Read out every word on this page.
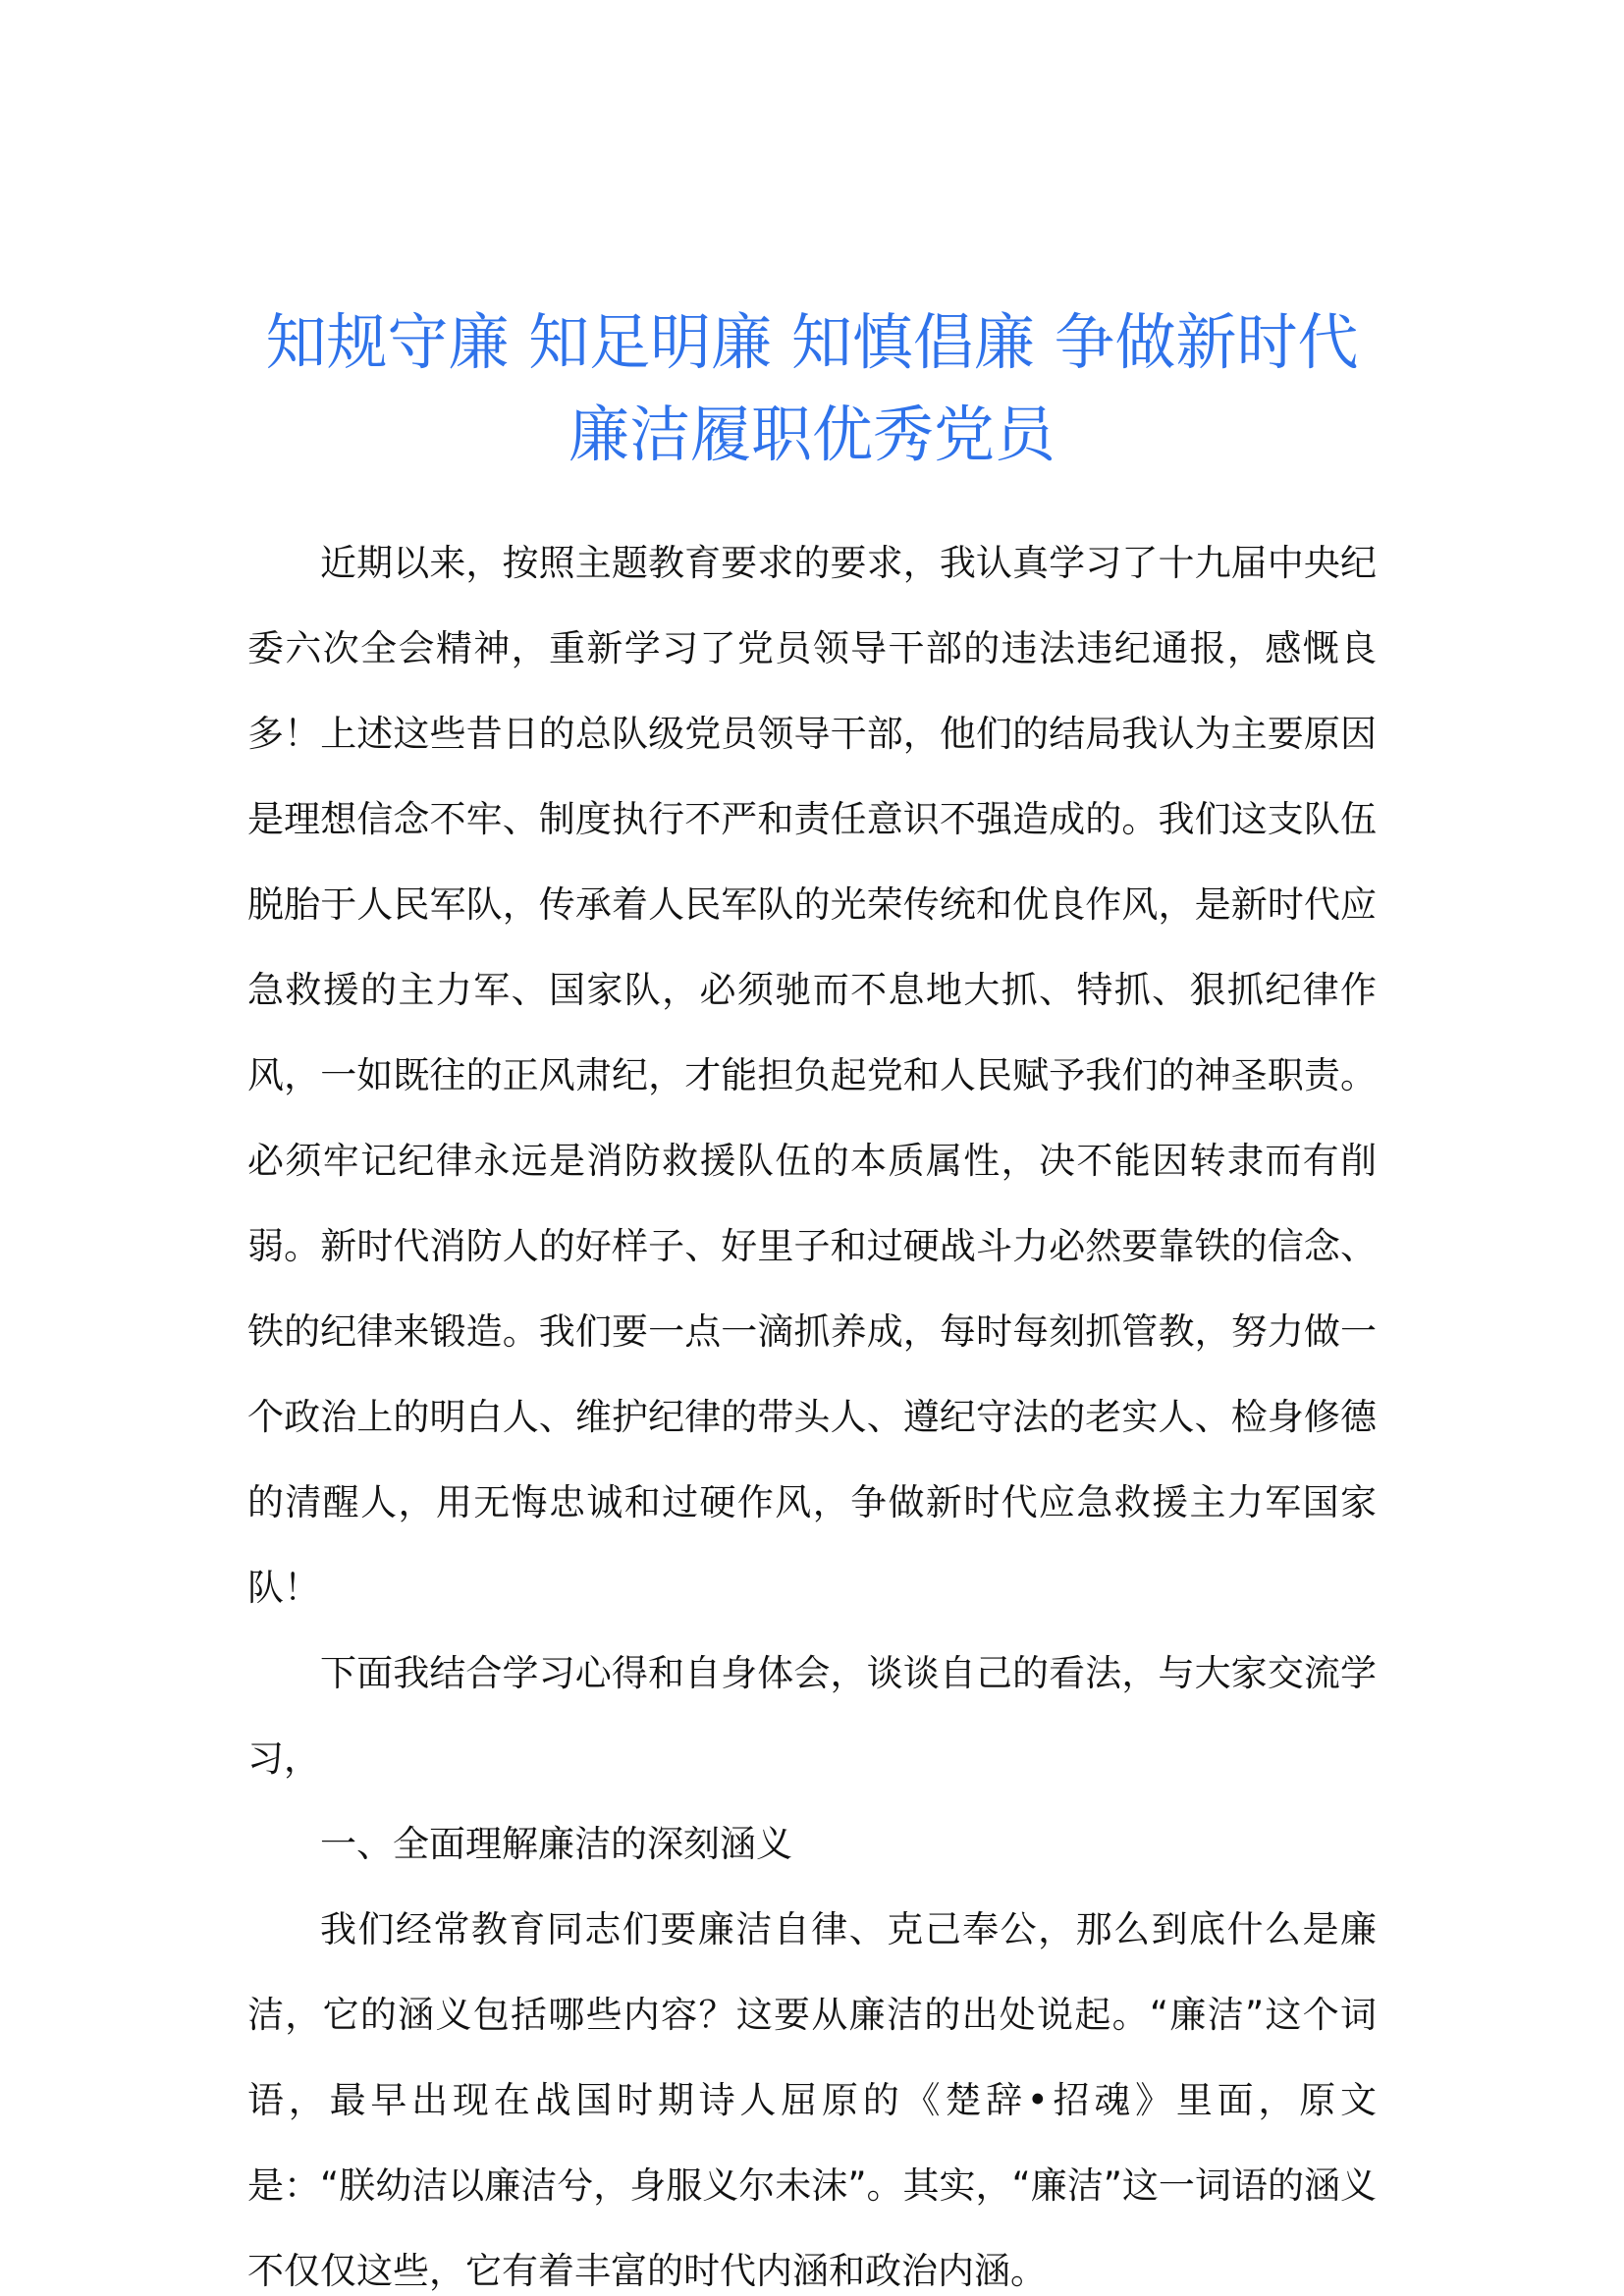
知规守廉 知足明廉 知慎倡廉 争做新时代廉洁履职优秀党员

近期以来，按照主题教育要求的要求，我认真学习了十九届中央纪委六次全会精神，重新学习了党员领导干部的违法违纪通报，感慨良多！上述这些昔日的总队级党员领导干部，他们的结局我认为主要原因是理想信念不牢、制度执行不严和责任意识不强造成的。我们这支队伍脱胎于人民军队，传承着人民军队的光荣传统和优良作风，是新时代应急救援的主力军、国家队，必须驰而不息地大抓、特抓、狠抓纪律作风，一如既往的正风肃纪，才能担负起党和人民赋予我们的神圣职责。必须牢记纪律永远是消防救援队伍的本质属性，决不能因转隶而有削弱。新时代消防人的好样子、好里子和过硬战斗力必然要靠铁的信念、铁的纪律来锻造。我们要一点一滴抓养成，每时每刻抓管教，努力做一个政治上的明白人、维护纪律的带头人、遵纪守法的老实人、检身修德的清醒人，用无悔忠诚和过硬作风，争做新时代应急救援主力军国家队！

下面我结合学习心得和自身体会，谈谈自己的看法，与大家交流学习，

一、全面理解廉洁的深刻涵义

我们经常教育同志们要廉洁自律、克己奉公，那么到底什么是廉洁，它的涵义包括哪些内容？这要从廉洁的出处说起。“廉洁”这个词语，最早出现在战国时期诗人屈原的《楚辞•招魂》里面，原文是：“朕幼洁以廉洁兮，身服义尔未沫”。其实，“廉洁”这一词语的涵义不仅仅这些，它有着丰富的时代内涵和政治内涵。
